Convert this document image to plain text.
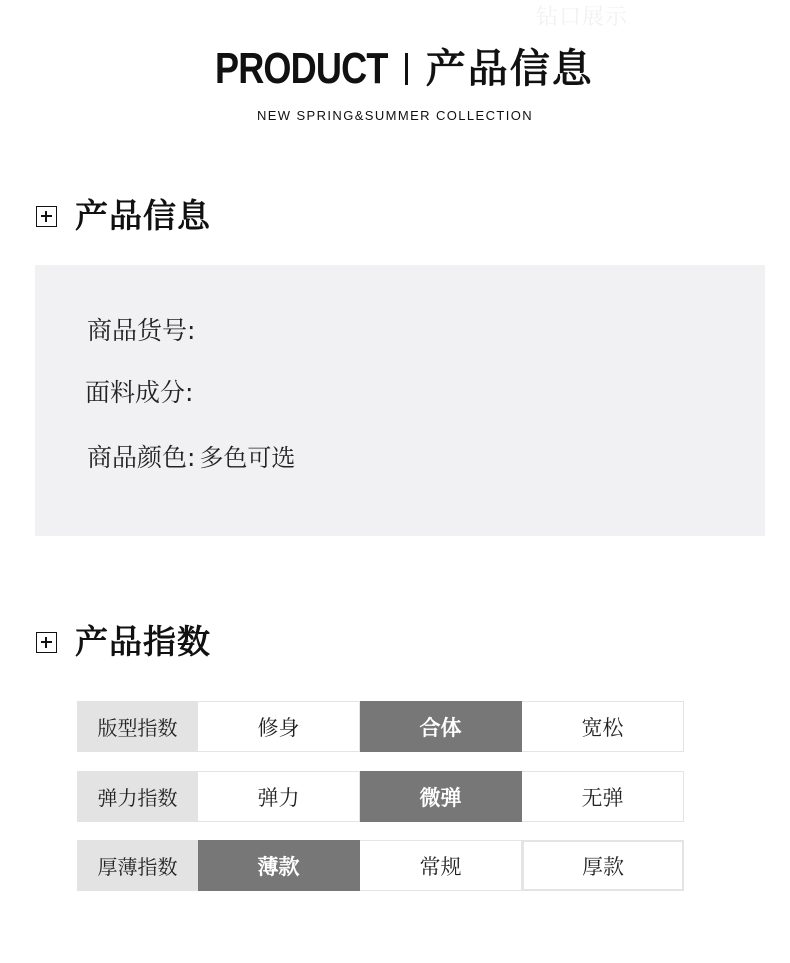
钻口展示
PRODUCT 产品信息
NEW SPRING&SUMMER COLLECTION
产品信息
商品货号:
面料成分:
商品颜色: 多色可选
产品指数
版型指数	修身	合体	宽松
弹力指数	弹力	微弹	无弹
厚薄指数	薄款	常规	厚款
